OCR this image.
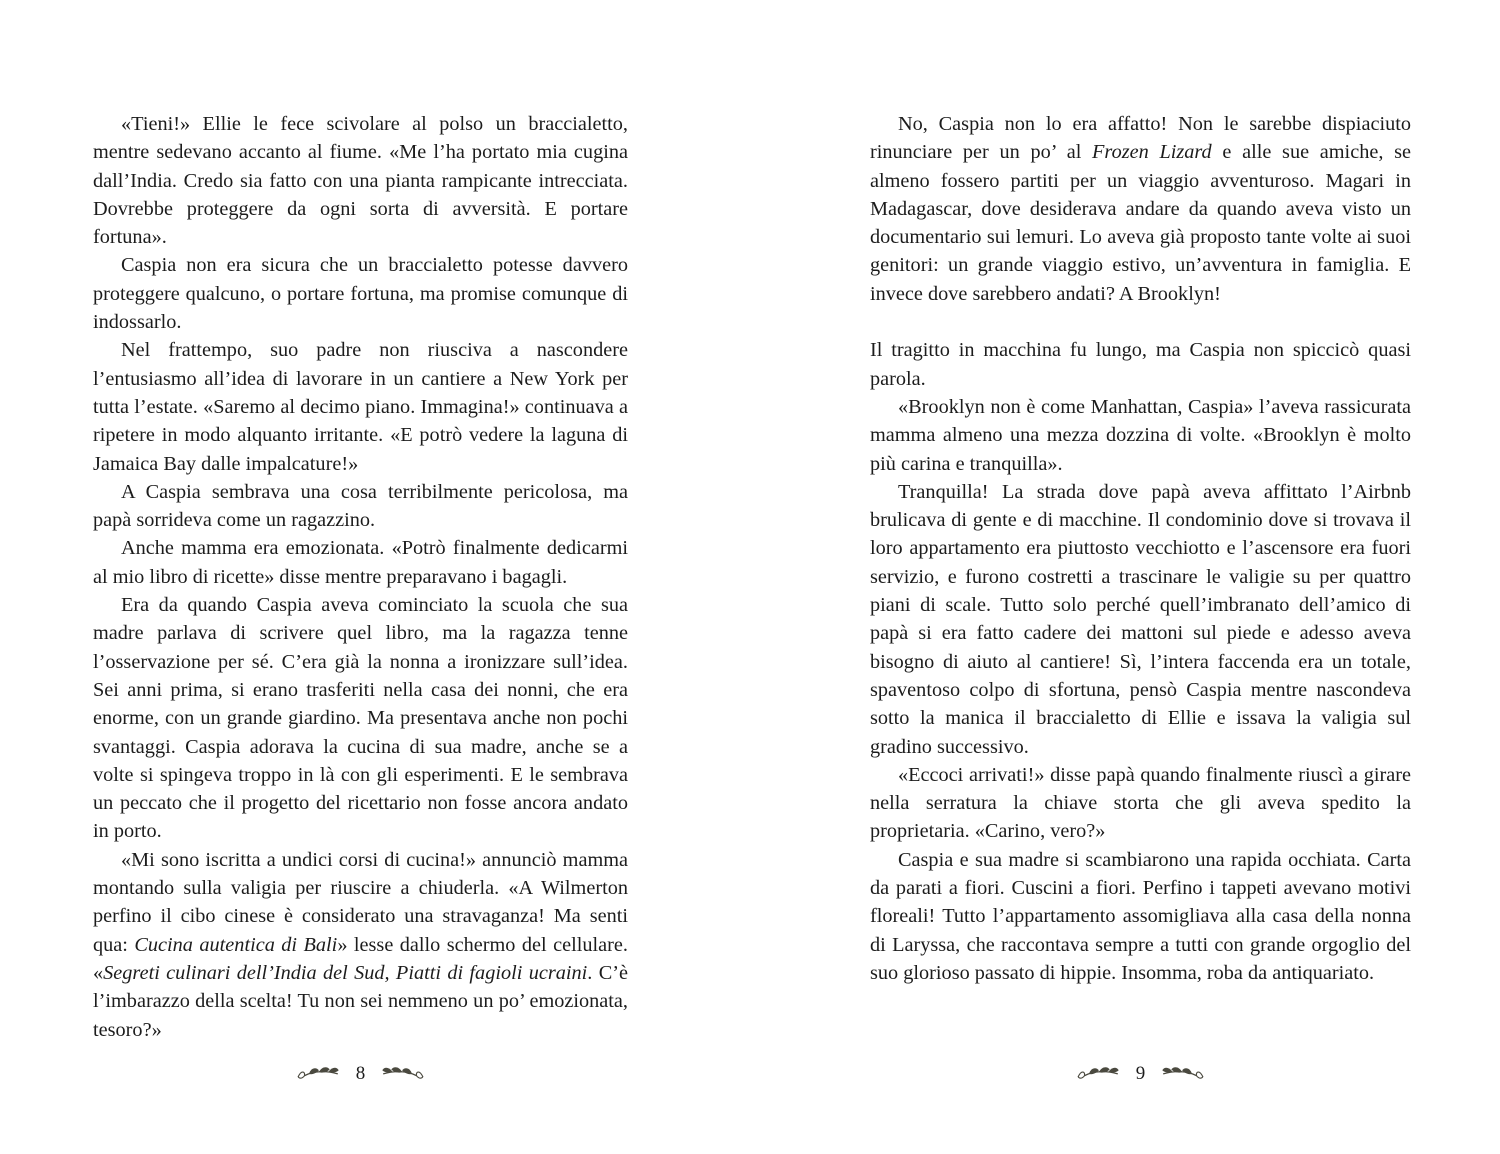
«Tieni!» Ellie le fece scivolare al polso un braccialetto, mentre sedevano accanto al fiume. «Me l’ha portato mia cugina dall’India. Credo sia fatto con una pianta rampicante intrecciata. Dovrebbe proteggere da ogni sorta di avversità. E portare fortuna».

Caspia non era sicura che un braccialetto potesse davvero proteggere qualcuno, o portare fortuna, ma promise comunque di indossarlo.

Nel frattempo, suo padre non riusciva a nascondere l’entusiasmo all’idea di lavorare in un cantiere a New York per tutta l’estate. «Saremo al decimo piano. Immagina!» continuava a ripetere in modo alquanto irritante. «E potrò vedere la laguna di Jamaica Bay dalle impalcature!»

A Caspia sembrava una cosa terribilmente pericolosa, ma papà sorrideva come un ragazzino.

Anche mamma era emozionata. «Potrò finalmente dedicarmi al mio libro di ricette» disse mentre preparavano i bagagli.

Era da quando Caspia aveva cominciato la scuola che sua madre parlava di scrivere quel libro, ma la ragazza tenne l’osservazione per sé. C’era già la nonna a ironizzare sull’idea. Sei anni prima, si erano trasferiti nella casa dei nonni, che era enorme, con un grande giardino. Ma presentava anche non pochi svantaggi. Caspia adorava la cucina di sua madre, anche se a volte si spingeva troppo in là con gli esperimenti. E le sembrava un peccato che il progetto del ricettario non fosse ancora andato in porto.

«Mi sono iscritta a undici corsi di cucina!» annunciò mamma montando sulla valigia per riuscire a chiuderla. «A Wilmerton perfino il cibo cinese è considerato una stravaganza! Ma senti qua: Cucina autentica di Bali» lesse dallo schermo del cellulare. «Segreti culinari dell’India del Sud, Piatti di fagioli ucraini. C’è l’imbarazzo della scelta! Tu non sei nemmeno un po’ emozionata, tesoro?»

8

No, Caspia non lo era affatto! Non le sarebbe dispiaciuto rinunciare per un po’ al Frozen Lizard e alle sue amiche, se almeno fossero partiti per un viaggio avventuroso. Magari in Madagascar, dove desiderava andare da quando aveva visto un documentario sui lemuri. Lo aveva già proposto tante volte ai suoi genitori: un grande viaggio estivo, un’avventura in famiglia. E invece dove sarebbero andati? A Brooklyn!

Il tragitto in macchina fu lungo, ma Caspia non spiccicò quasi parola.

«Brooklyn non è come Manhattan, Caspia» l’aveva rassicurata mamma almeno una mezza dozzina di volte. «Brooklyn è molto più carina e tranquilla».

Tranquilla! La strada dove papà aveva affittato l’Airbnb brulicava di gente e di macchine. Il condominio dove si trovava il loro appartamento era piuttosto vecchiotto e l’ascensore era fuori servizio, e furono costretti a trascinare le valigie su per quattro piani di scale. Tutto solo perché quell’imbranato dell’amico di papà si era fatto cadere dei mattoni sul piede e adesso aveva bisogno di aiuto al cantiere! Sì, l’intera faccenda era un totale, spaventoso colpo di sfortuna, pensò Caspia mentre nascondeva sotto la manica il braccialetto di Ellie e issava la valigia sul gradino successivo.

«Eccoci arrivati!» disse papà quando finalmente riuscì a girare nella serratura la chiave storta che gli aveva spedito la proprietaria. «Carino, vero?»

Caspia e sua madre si scambiarono una rapida occhiata. Carta da parati a fiori. Cuscini a fiori. Perfino i tappeti avevano motivi floreali! Tutto l’appartamento assomigliava alla casa della nonna di Laryssa, che raccontava sempre a tutti con grande orgoglio del suo glorioso passato di hippie. Insomma, roba da antiquariato.

9
